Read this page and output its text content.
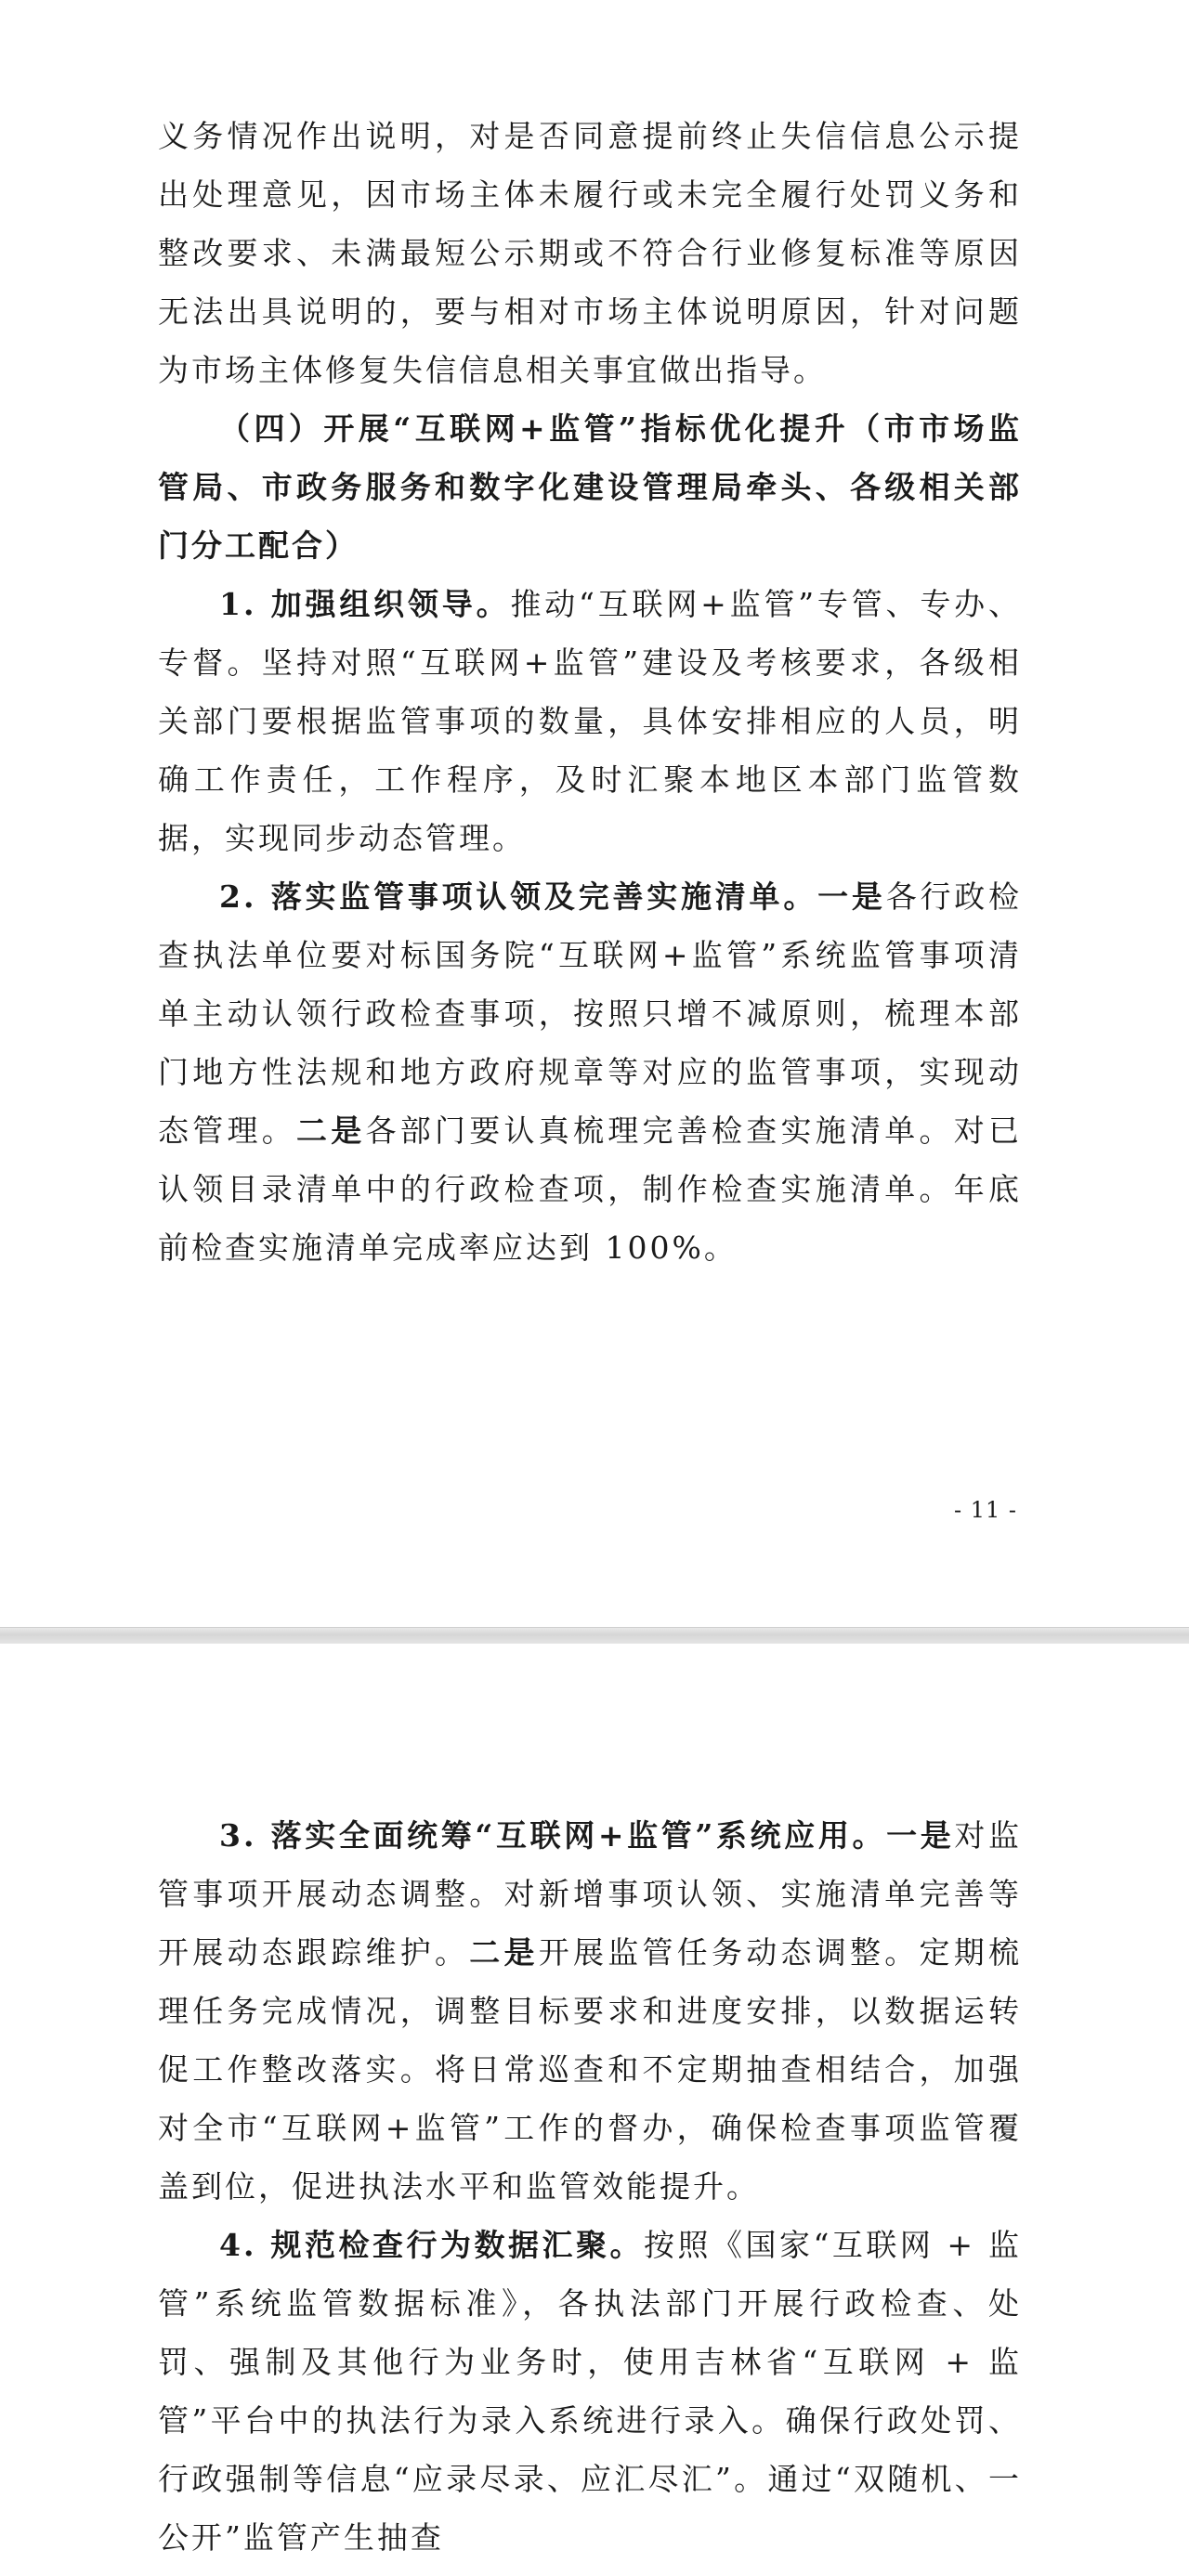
义务情况作出说明，对是否同意提前终止失信信息公示提出处理意见，因市场主体未履行或未完全履行处罚义务和整改要求、未满最短公示期或不符合行业修复标准等原因无法出具说明的，要与相对市场主体说明原因，针对问题为市场主体修复失信信息相关事宜做出指导。

（四）开展“互联网+监管”指标优化提升（市市场监管局、市政务服务和数字化建设管理局牵头、各级相关部门分工配合）

1. 加强组织领导。推动“互联网+监管”专管、专办、专督。坚持对照“互联网+监管”建设及考核要求，各级相关部门要根据监管事项的数量，具体安排相应的人员，明确工作责任，工作程序，及时汇聚本地区本部门监管数据，实现同步动态管理。

2. 落实监管事项认领及完善实施清单。一是各行政检查执法单位要对标国务院“互联网+监管”系统监管事项清单主动认领行政检查事项，按照只增不减原则，梳理本部门地方性法规和地方政府规章等对应的监管事项，实现动态管理。二是各部门要认真梳理完善检查实施清单。对已认领目录清单中的行政检查项，制作检查实施清单。年底前检查实施清单完成率应达到 100%。

- 11 -

3. 落实全面统筹“互联网+监管”系统应用。一是对监管事项开展动态调整。对新增事项认领、实施清单完善等开展动态跟踪维护。二是开展监管任务动态调整。定期梳理任务完成情况，调整目标要求和进度安排，以数据运转促工作整改落实。将日常巡查和不定期抽查相结合，加强对全市“互联网+监管”工作的督办，确保检查事项监管覆盖到位，促进执法水平和监管效能提升。

4. 规范检查行为数据汇聚。按照《国家“互联网 + 监管”系统监管数据标准》，各执法部门开展行政检查、处罚、强制及其他行为业务时，使用吉林省“互联网 + 监管”平台中的执法行为录入系统进行录入。确保行政处罚、行政强制等信息“应录尽录、应汇尽汇”。通过“双随机、一公开”监管产生抽查
